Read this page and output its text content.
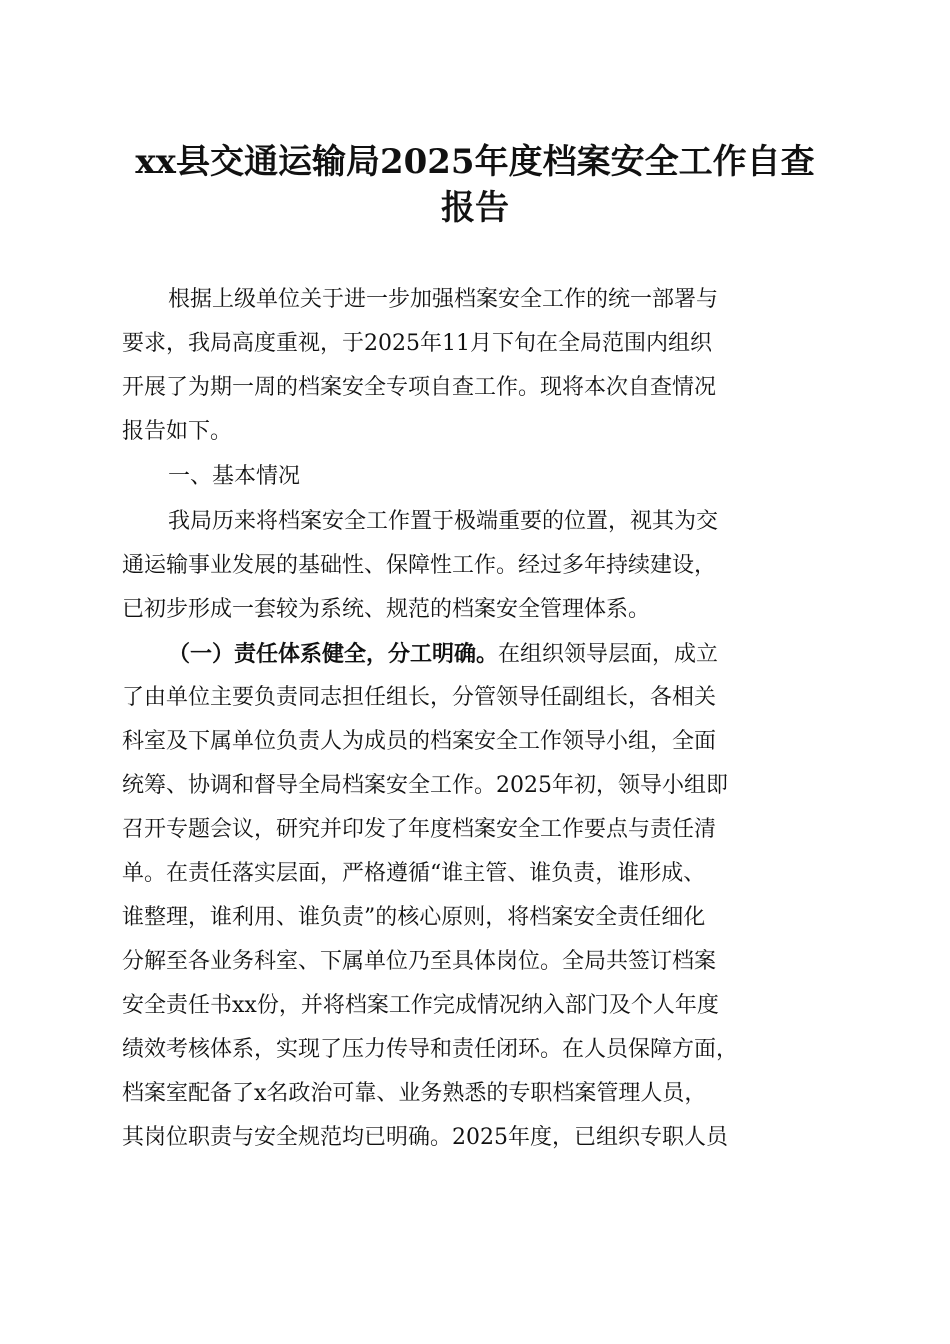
xx县交通运输局2025年度档案安全工作自查
报告
根据上级单位关于进一步加强档案安全工作的统一部署与
要求，我局高度重视，于2025年11月下旬在全局范围内组织
开展了为期一周的档案安全专项自查工作。现将本次自查情况
报告如下。
一、基本情况
我局历来将档案安全工作置于极端重要的位置，视其为交
通运输事业发展的基础性、保障性工作。经过多年持续建设，
已初步形成一套较为系统、规范的档案安全管理体系。
（一）责任体系健全，分工明确。在组织领导层面，成立
了由单位主要负责同志担任组长，分管领导任副组长，各相关
科室及下属单位负责人为成员的档案安全工作领导小组，全面
统筹、协调和督导全局档案安全工作。2025年初，领导小组即
召开专题会议，研究并印发了年度档案安全工作要点与责任清
单。在责任落实层面，严格遵循“谁主管、谁负责，谁形成、
谁整理，谁利用、谁负责”的核心原则，将档案安全责任细化
分解至各业务科室、下属单位乃至具体岗位。全局共签订档案
安全责任书xx份，并将档案工作完成情况纳入部门及个人年度
绩效考核体系，实现了压力传导和责任闭环。在人员保障方面，
档案室配备了x名政治可靠、业务熟悉的专职档案管理人员，
其岗位职责与安全规范均已明确。2025年度，已组织专职人员
